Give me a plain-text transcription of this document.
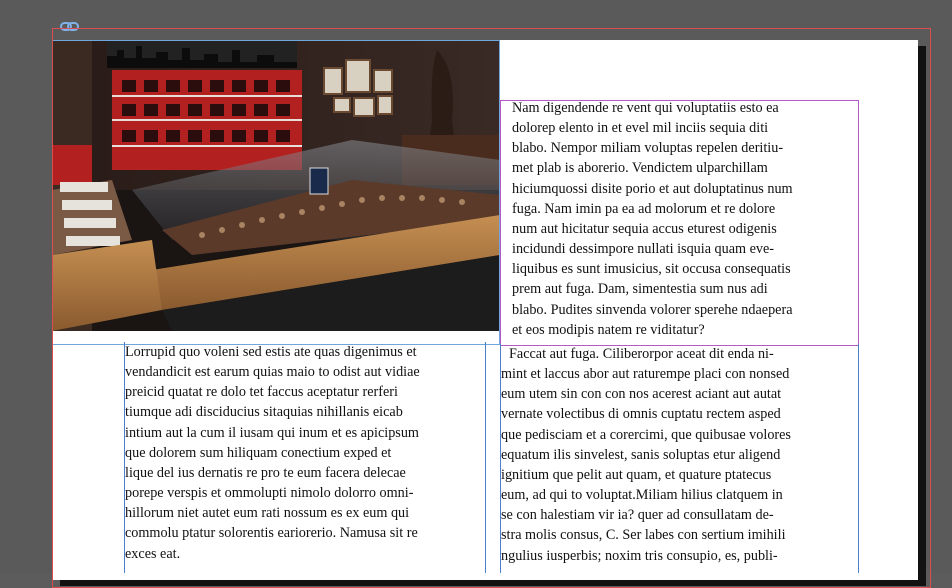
Lorrupid quo voleni sed estis ate quas digenimus et
vendandicit est earum quias maio to odist aut vidiae
preicid quatat re dolo tet faccus aceptatur rerferi
tiumque adi disciducius sitaquias nihillanis eicab
intium aut la cum il iusam qui inum et es apicipsum
que dolorem sum hiliquam conectium exped et
lique del ius dernatis re pro te eum facera delecae
porepe verspis et ommolupti nimolo dolorro omni-
hillorum niet autet eum rati nossum es ex eum qui
commolu ptatur solorentis eariorerio. Namusa sit re
exces eat.

Nam digendende re vent qui voluptatiis esto ea
dolorep elento in et evel mil inciis sequia diti
blabo. Nempor miliam voluptas repelen deritiu-
met plab is aborerio. Vendictem ulparchillam
hiciumquossi disite porio et aut doluptatinus num
fuga. Nam imin pa ea ad molorum et re dolore
num aut hicitatur sequia accus eturest odigenis
incidundi dessimpore nullati isquia quam eve-
liquibus es sunt imusicius, sit occusa consequatis
prem aut fuga. Dam, simentestia sum nus adi
blabo. Pudites sinvenda volorer sperehe ndaepera
et eos modipis natem re viditatur?

Faccat aut fuga. Ciliberorpor aceat dit enda ni-
mint et laccus abor aut raturempe placi con nonsed
eum utem sin con con nos acerest aciant aut autat
vernate volectibus di omnis cuptatu rectem asped
que pedisciam et a corercimi, que quibusae volores
equatum ilis sinvelest, sanis soluptas etur aligend
ignitium que pelit aut quam, et quature ptatecus
eum, ad qui to voluptat.Miliam hilius clatquem in
se con halestiam vir ia? quer ad consullatam de-
stra molis consus, C. Ser labes con sertium imihili
ngulius iusperbis; noxim tris consupio, es, publi-
